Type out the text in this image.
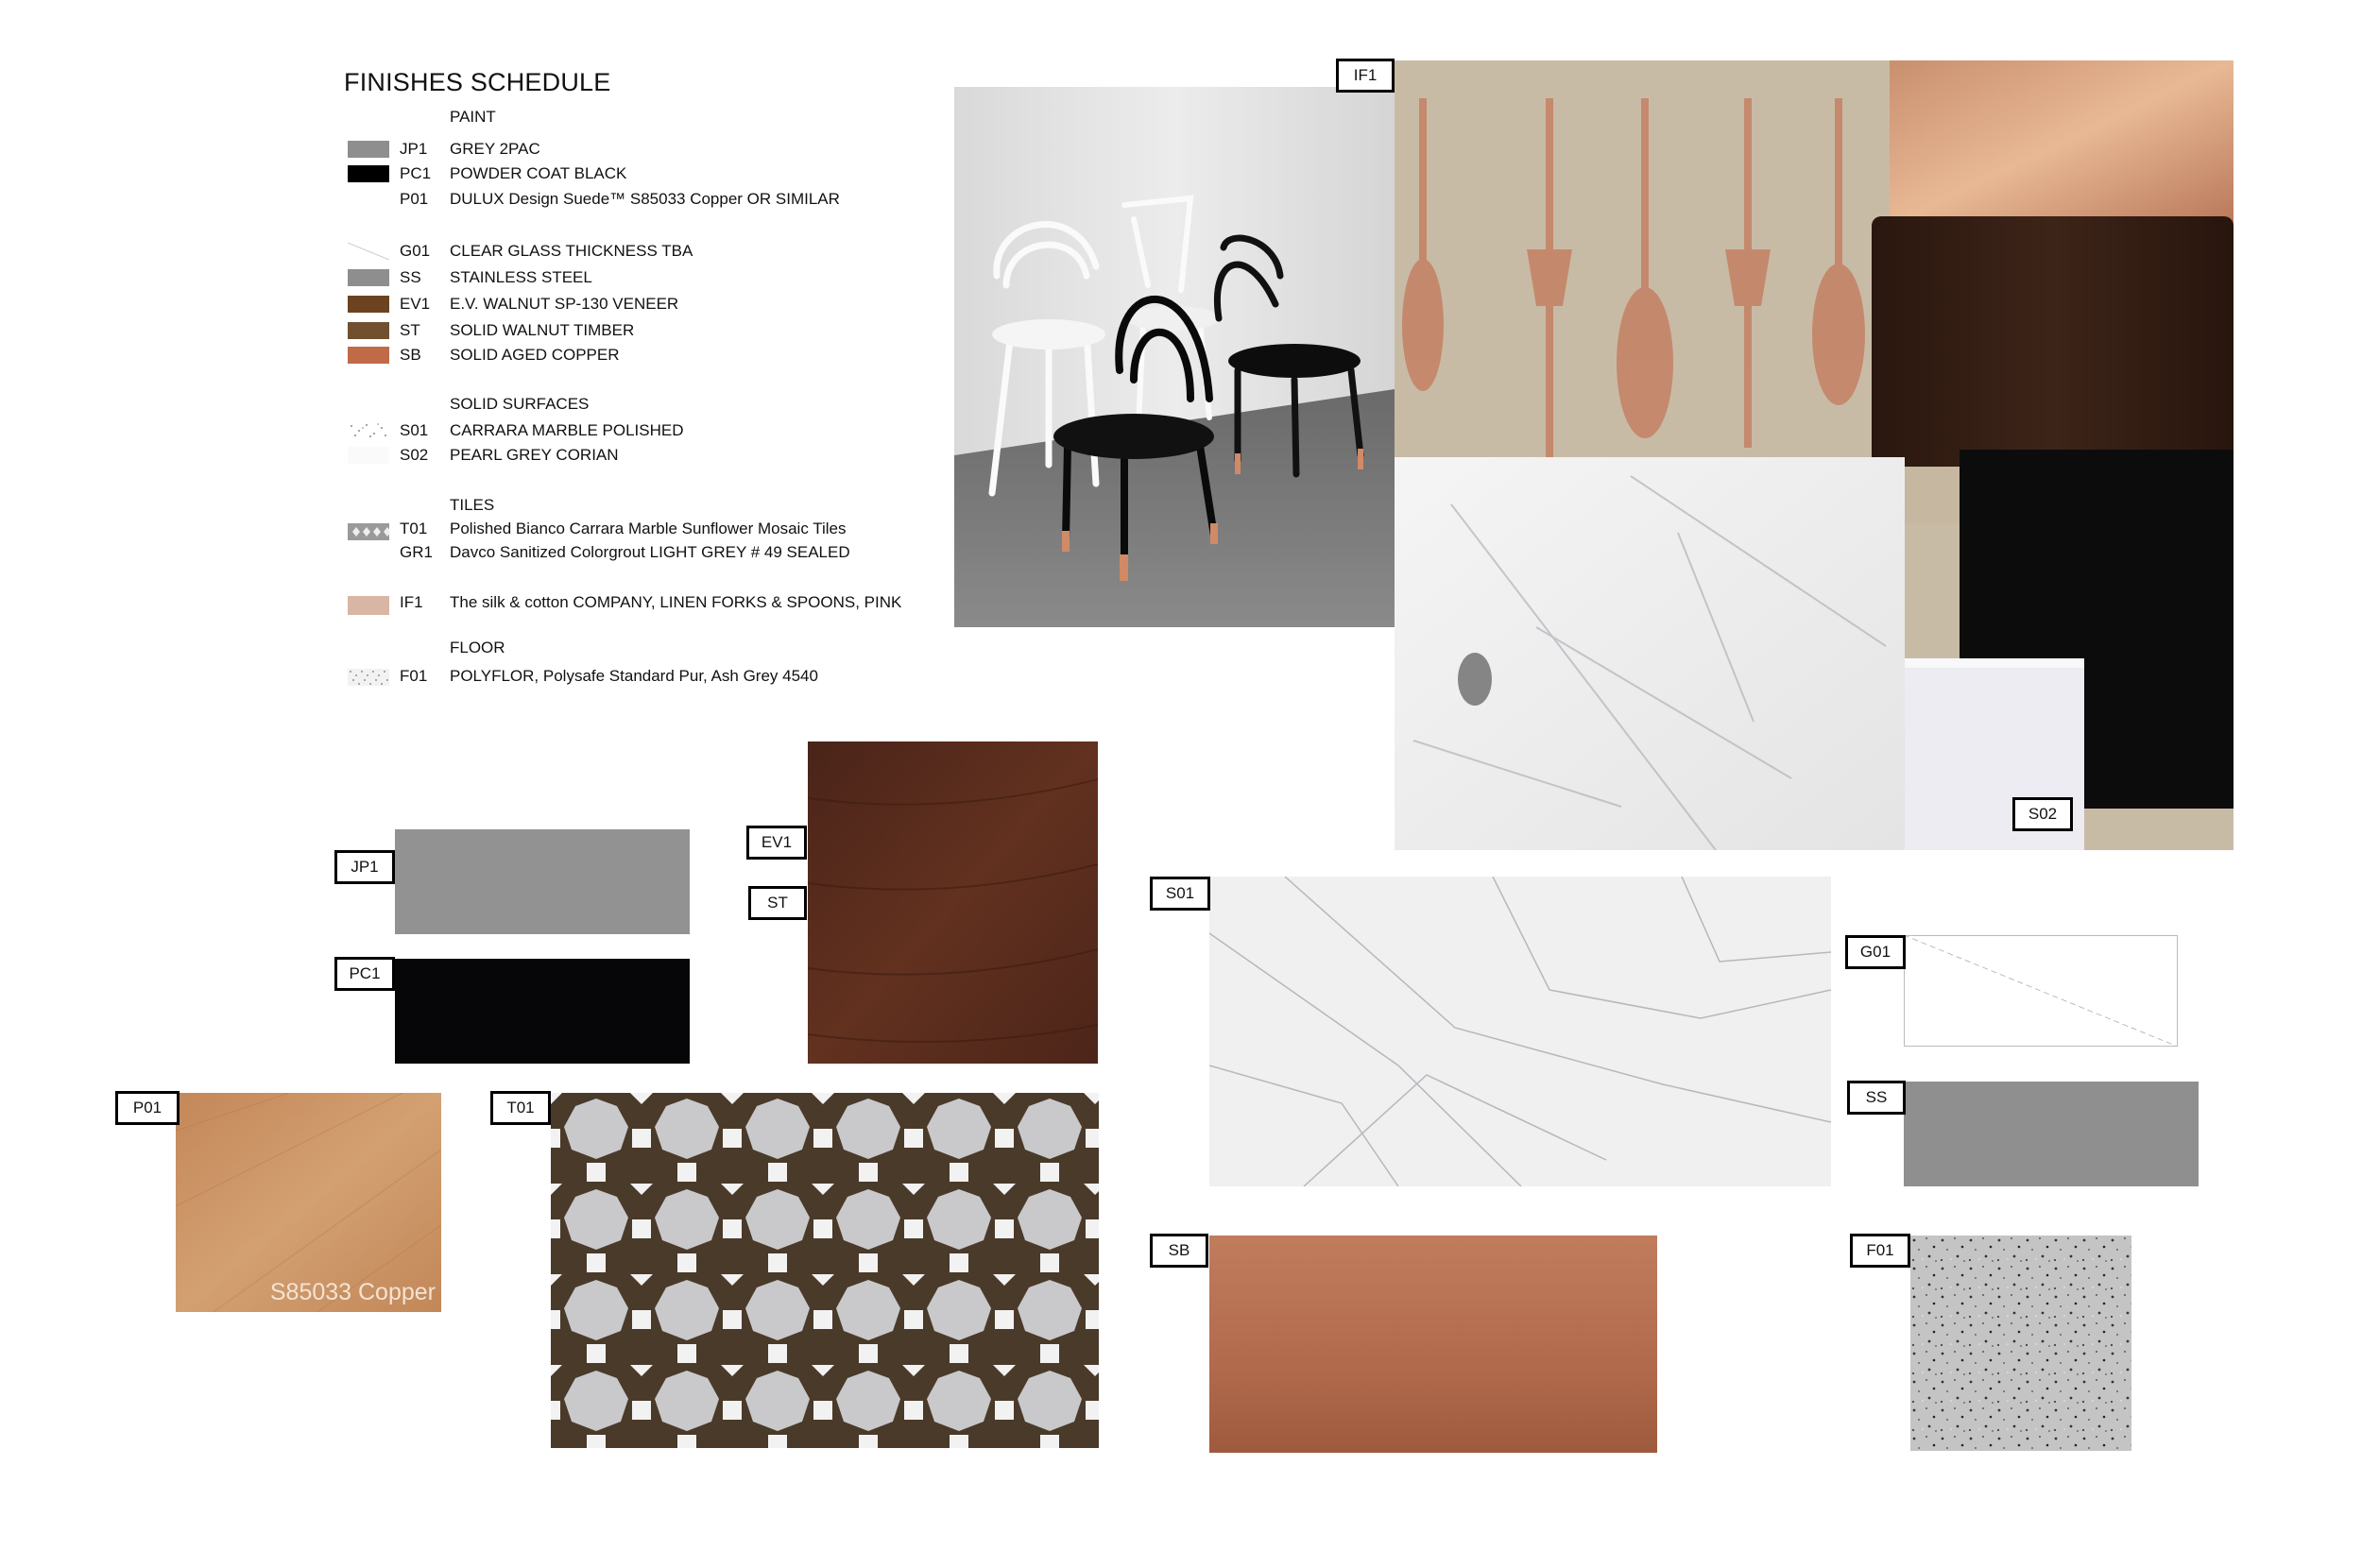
FINISHES SCHEDULE
PAINT
JP1 GREY 2PAC
PC1 POWDER COAT BLACK
P01 DULUX Design Suede™ S85033 Copper OR SIMILAR
G01 CLEAR GLASS THICKNESS TBA
SS STAINLESS STEEL
EV1 E.V. WALNUT SP-130 VENEER
ST SOLID WALNUT TIMBER
SB SOLID AGED COPPER
SOLID SURFACES
S01 CARRARA MARBLE POLISHED
S02 PEARL GREY CORIAN
TILES
T01 Polished Bianco Carrara Marble Sunflower Mosaic Tiles
GR1 Davco Sanitized Colorgrout LIGHT GREY # 49 SEALED
IF1 The silk & cotton COMPANY, LINEN FORKS & SPOONS, PINK
FLOOR
F01 POLYFLOR, Polysafe Standard Pur, Ash Grey 4540
IF1
S02
JP1
PC1
EV1
ST
S85033 Copper
P01	T01
S01
G01
SS
SB	F01
